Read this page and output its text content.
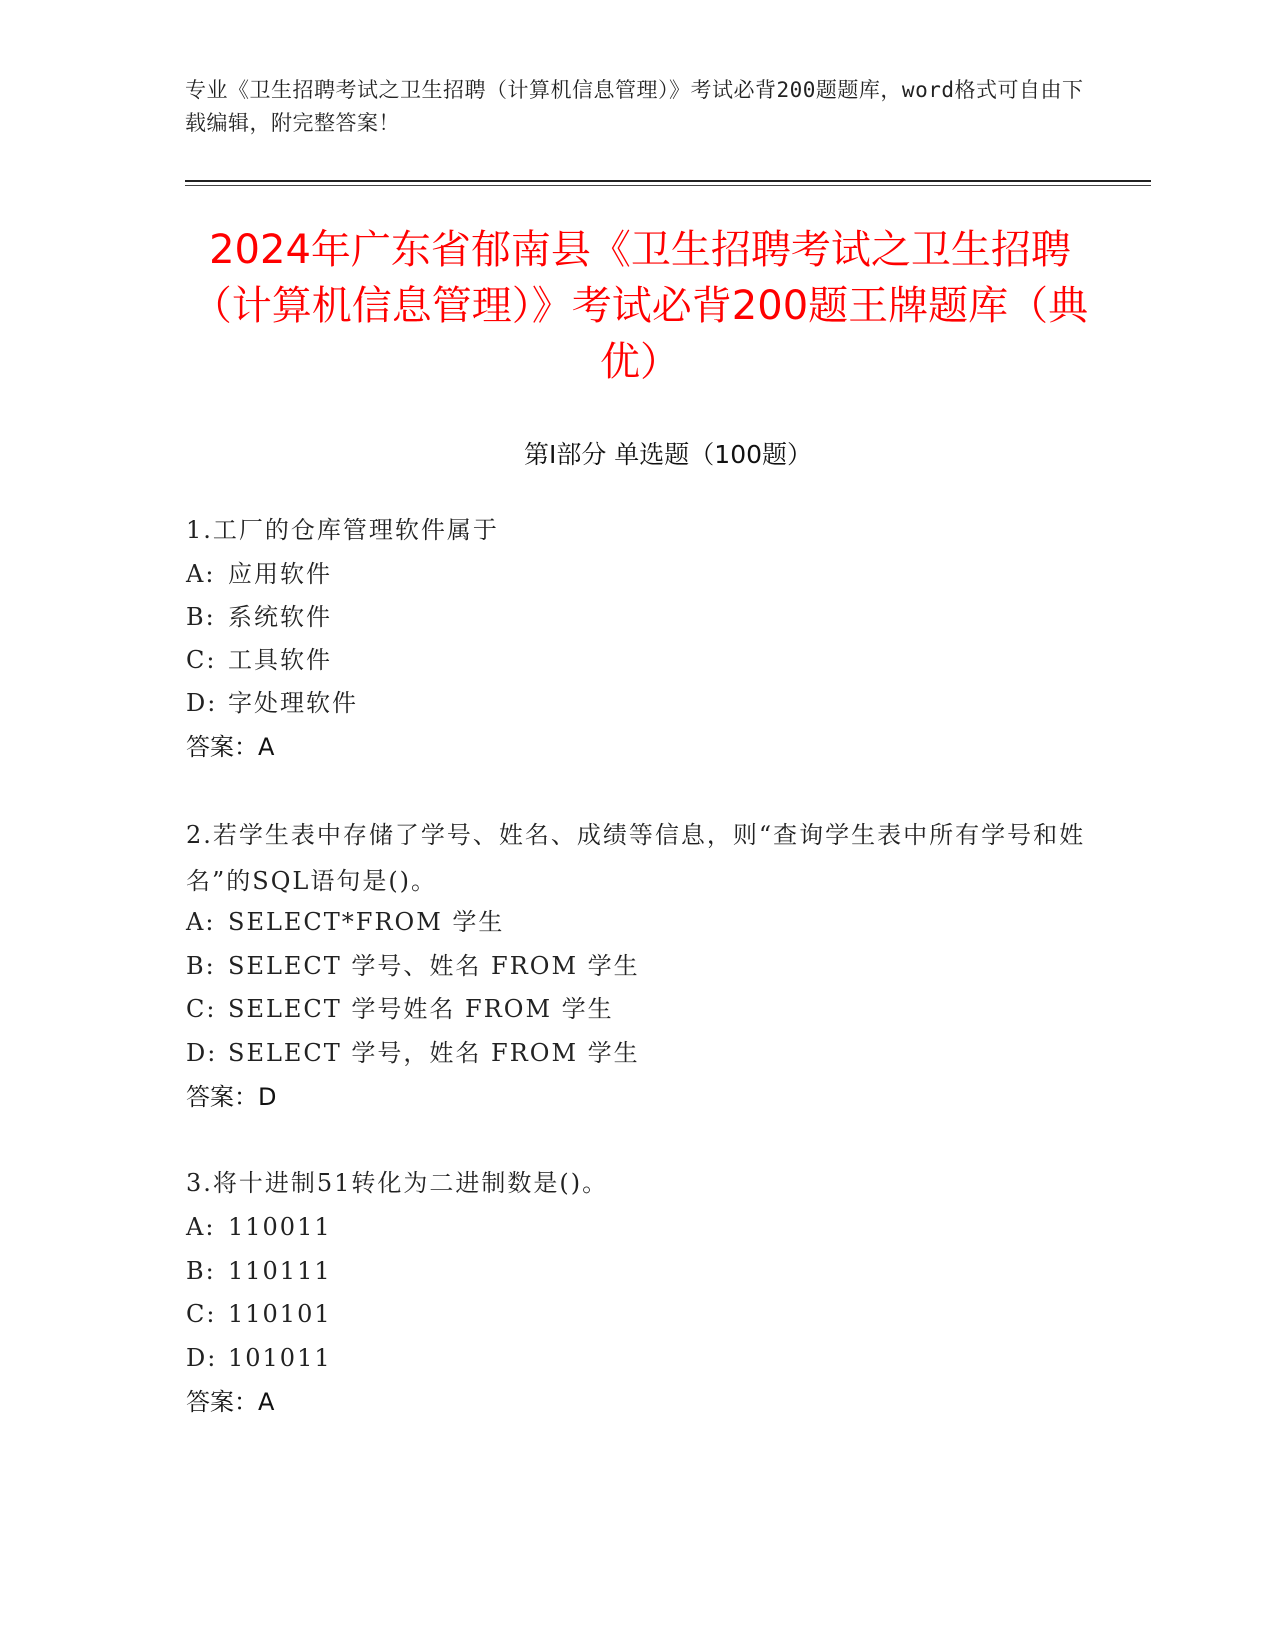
专业《卫生招聘考试之卫生招聘（计算机信息管理）》考试必背200题题库，word格式可自由下载编辑，附完整答案！
2024年广东省郁南县《卫生招聘考试之卫生招聘（计算机信息管理）》考试必背200题王牌题库（典优）
第I部分 单选题（100题）
1.工厂的仓库管理软件属于
A: 应用软件
B: 系统软件
C: 工具软件
D: 字处理软件
答案：A
2.若学生表中存储了学号、姓名、成绩等信息，则“查询学生表中所有学号和姓名”的SQL语句是()。
A: SELECT*FROM 学生
B: SELECT 学号、姓名 FROM 学生
C: SELECT 学号姓名 FROM 学生
D: SELECT 学号，姓名 FROM 学生
答案：D
3.将十进制51转化为二进制数是()。
A: 110011
B: 110111
C: 110101
D: 101011
答案：A
